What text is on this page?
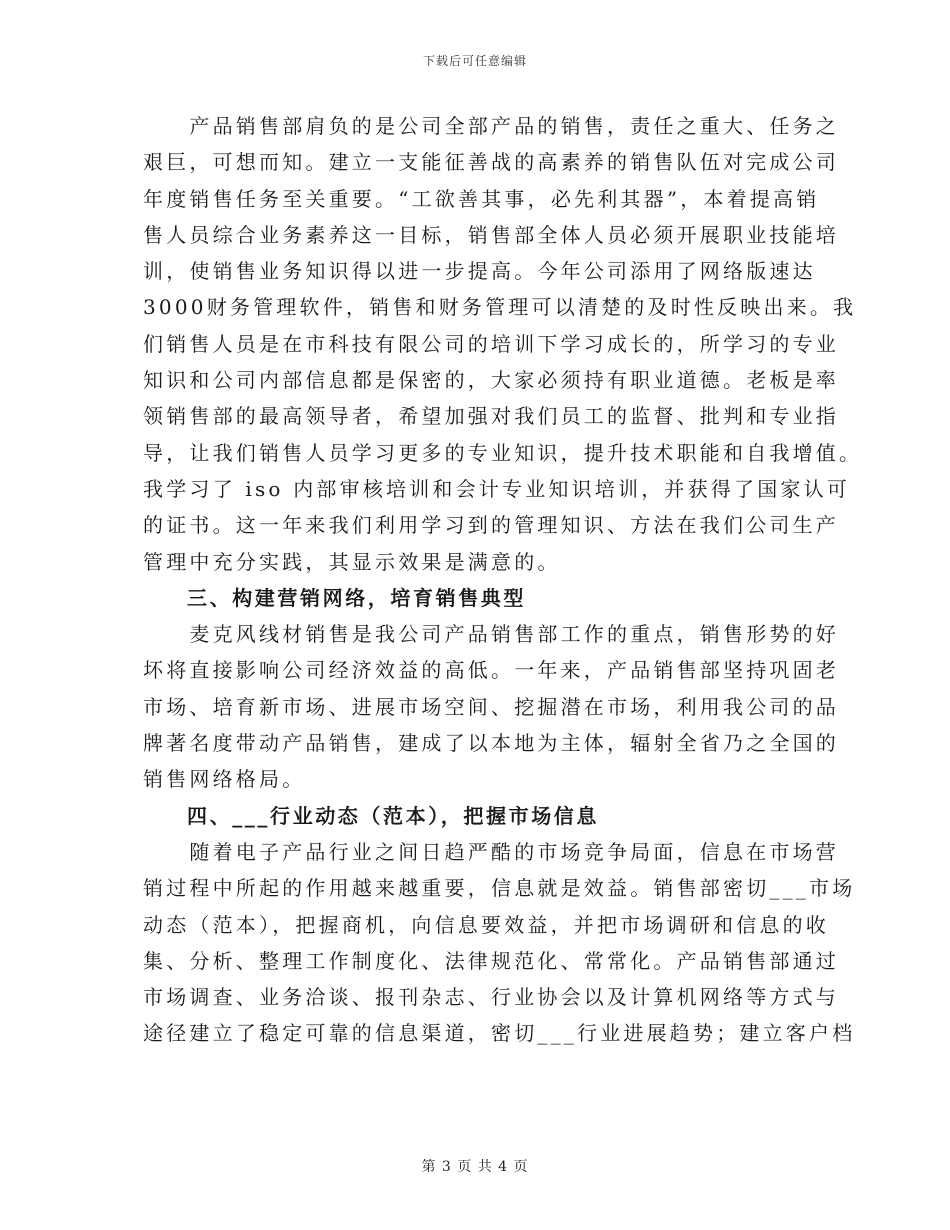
下载后可任意编辑

　　产品销售部肩负的是公司全部产品的销售，责任之重大、任务之
艰巨，可想而知。建立一支能征善战的高素养的销售队伍对完成公司
年度销售任务至关重要。“工欲善其事，必先利其器”，本着提高销
售人员综合业务素养这一目标，销售部全体人员必须开展职业技能培
训，使销售业务知识得以进一步提高。今年公司添用了网络版速达
3000财务管理软件，销售和财务管理可以清楚的及时性反映出来。我
们销售人员是在市科技有限公司的培训下学习成长的，所学习的专业
知识和公司内部信息都是保密的，大家必须持有职业道德。老板是率
领销售部的最高领导者，希望加强对我们员工的监督、批判和专业指
导，让我们销售人员学习更多的专业知识，提升技术职能和自我增值。
我学习了 iso 内部审核培训和会计专业知识培训，并获得了国家认可
的证书。这一年来我们利用学习到的管理知识、方法在我们公司生产
管理中充分实践，其显示效果是满意的。

三、构建营销网络，培育销售典型

　　麦克风线材销售是我公司产品销售部工作的重点，销售形势的好
坏将直接影响公司经济效益的高低。一年来，产品销售部坚持巩固老
市场、培育新市场、进展市场空间、挖掘潜在市场，利用我公司的品
牌著名度带动产品销售，建成了以本地为主体，辐射全省乃之全国的
销售网络格局。

四、___行业动态（范本），把握市场信息

　　随着电子产品行业之间日趋严酷的市场竞争局面，信息在市场营
销过程中所起的作用越来越重要，信息就是效益。销售部密切___市场
动态（范本），把握商机，向信息要效益，并把市场调研和信息的收
集、分析、整理工作制度化、法律规范化、常常化。产品销售部通过
市场调查、业务洽谈、报刊杂志、行业协会以及计算机网络等方式与
途径建立了稳定可靠的信息渠道，密切___行业进展趋势；建立客户档

第 3 页 共 4 页
